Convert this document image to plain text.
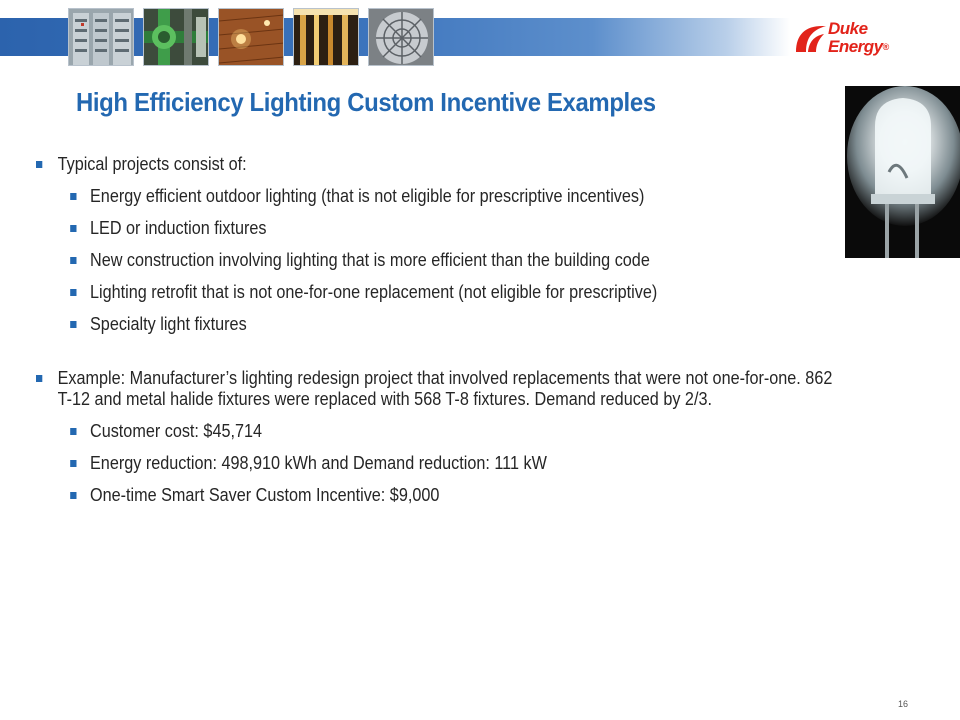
Duke
Energy®
High Efficiency Lighting Custom Incentive Examples
Typical projects consist of:
Energy efficient outdoor lighting (that is not eligible for prescriptive incentives)
LED or induction fixtures
New construction involving lighting that is more efficient than the building code
Lighting retrofit that is not one-for-one replacement (not eligible for prescriptive)
Specialty light fixtures
Example: Manufacturer’s lighting redesign project that involved replacements that were not one-for-one. 862 T-12 and metal halide fixtures were replaced with 568 T-8 fixtures. Demand reduced by 2/3.
Customer cost: $45,714
Energy reduction: 498,910 kWh and Demand reduction: 111 kW
One-time Smart Saver Custom Incentive: $9,000
16
